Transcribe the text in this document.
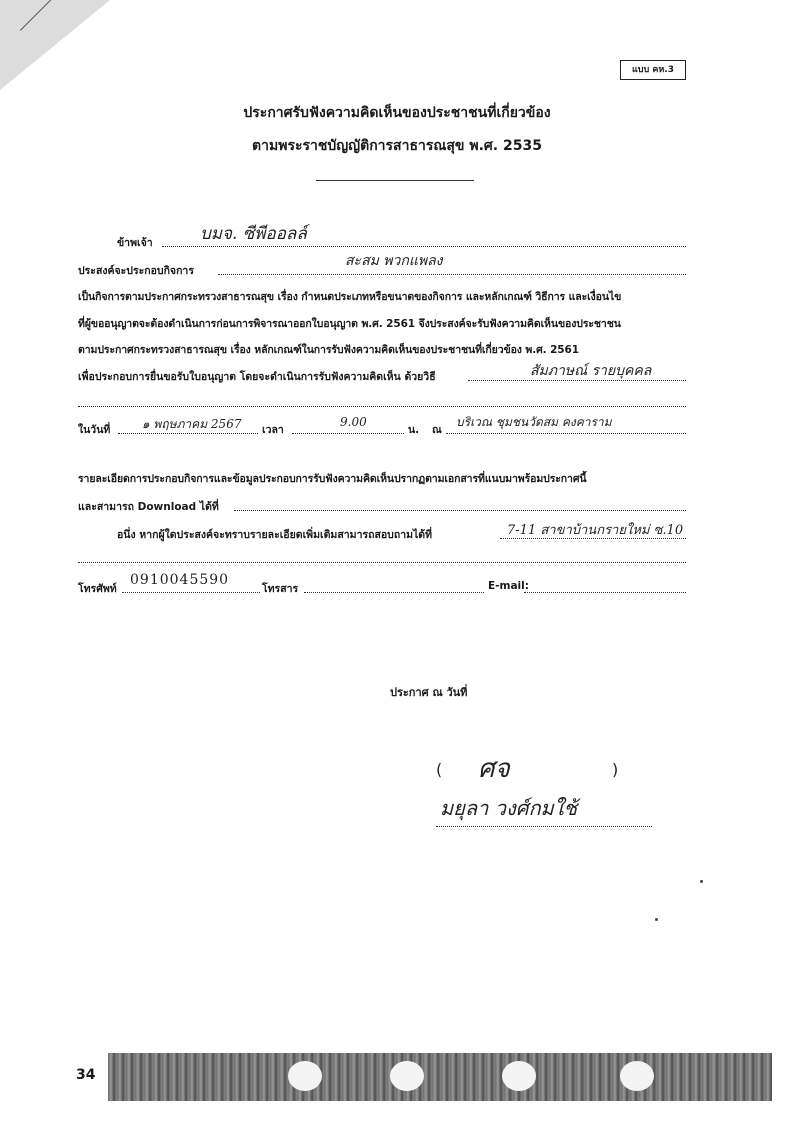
แบบ คห.3
ประกาศรับฟังความคิดเห็นของประชาชนที่เกี่ยวข้อง
ตามพระราชบัญญัติการสาธารณสุข พ.ศ. 2535
ข้าพเจ้า	บมจ. ซีพีออลล์
ประสงค์จะประกอบกิจการ
สะสม พวกแพลง
เป็นกิจการตามประกาศกระทรวงสาธารณสุข เรื่อง กำหนดประเภทหรือขนาดของกิจการ และหลักเกณฑ์ วิธีการ และเงื่อนไข
ที่ผู้ขออนุญาตจะต้องดำเนินการก่อนการพิจารณาออกใบอนุญาต พ.ศ. 2561 จึงประสงค์จะรับฟังความคิดเห็นของประชาชน
ตามประกาศกระทรวงสาธารณสุข เรื่อง หลักเกณฑ์ในการรับฟังความคิดเห็นของประชาชนที่เกี่ยวข้อง พ.ศ. 2561
เพื่อประกอบการยื่นขอรับใบอนุญาต โดยจะดำเนินการรับฟังความคิดเห็น ด้วยวิธี	สัมภาษณ์ รายบุคคล
ในวันที่	๑ พฤษภาคม 2567 เวลา
9.00
น. ณ
บริเวณ ชุมชนวัดสม คงคาราม
รายละเอียดการประกอบกิจการและข้อมูลประกอบการรับฟังความคิดเห็นปรากฏตามเอกสารที่แนบมาพร้อมประกาศนี้
และสามารถ Download ได้ที่
อนึ่ง หากผู้ใดประสงค์จะทราบรายละเอียดเพิ่มเติมสามารถสอบถามได้ที่	7-11 สาขาบ้านกรายใหม่ ซ.10
โทรศัพท์
0910045590
โทรสาร	E-mail:
ประกาศ ณ วันที่
( ศจ	)
มยุลา วงศ์กมใช้
34
